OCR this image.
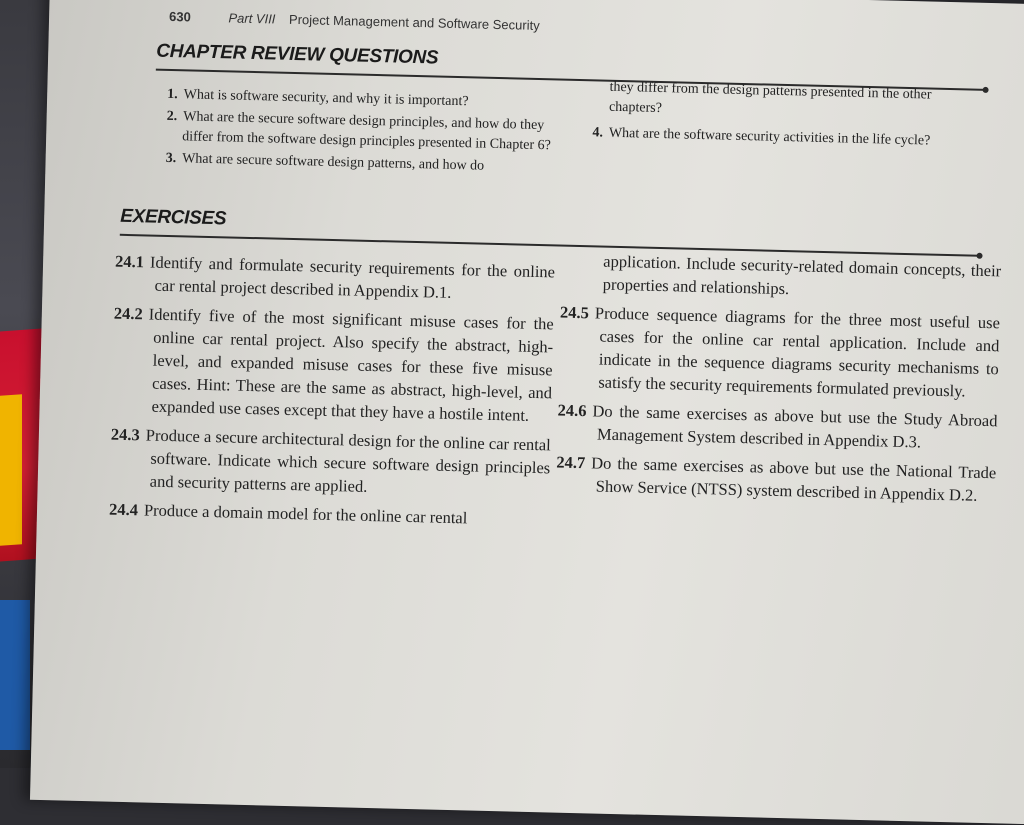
630	Part VIII Project Management and Software Security
CHAPTER REVIEW QUESTIONS

1. What is software security, and why it is important?

2. What are the secure software design principles, and how do they differ from the software design principles presented in Chapter 6?

3. What are secure software design patterns, and how do

they differ from the design patterns presented in the other chapters?

4. What are the software security activities in the life cycle?

EXERCISES

24.1 Identify and formulate security requirements for the online car rental project described in Appendix D.1.

24.2 Identify five of the most significant misuse cases for the online car rental project. Also specify the abstract, high-level, and expanded misuse cases for these five misuse cases. Hint: These are the same as abstract, high-level, and expanded use cases except that they have a hostile intent.

24.3 Produce a secure architectural design for the online car rental software. Indicate which secure software design principles and security patterns are applied.

24.4 Produce a domain model for the online car rental

application. Include security-related domain concepts, their properties and relationships.

24.5 Produce sequence diagrams for the three most useful use cases for the online car rental application. Include and indicate in the sequence diagrams security mechanisms to satisfy the security requirements formulated previously.

24.6 Do the same exercises as above but use the Study Abroad Management System described in Appendix D.3.

24.7 Do the same exercises as above but use the National Trade Show Service (NTSS) system described in Appendix D.2.
